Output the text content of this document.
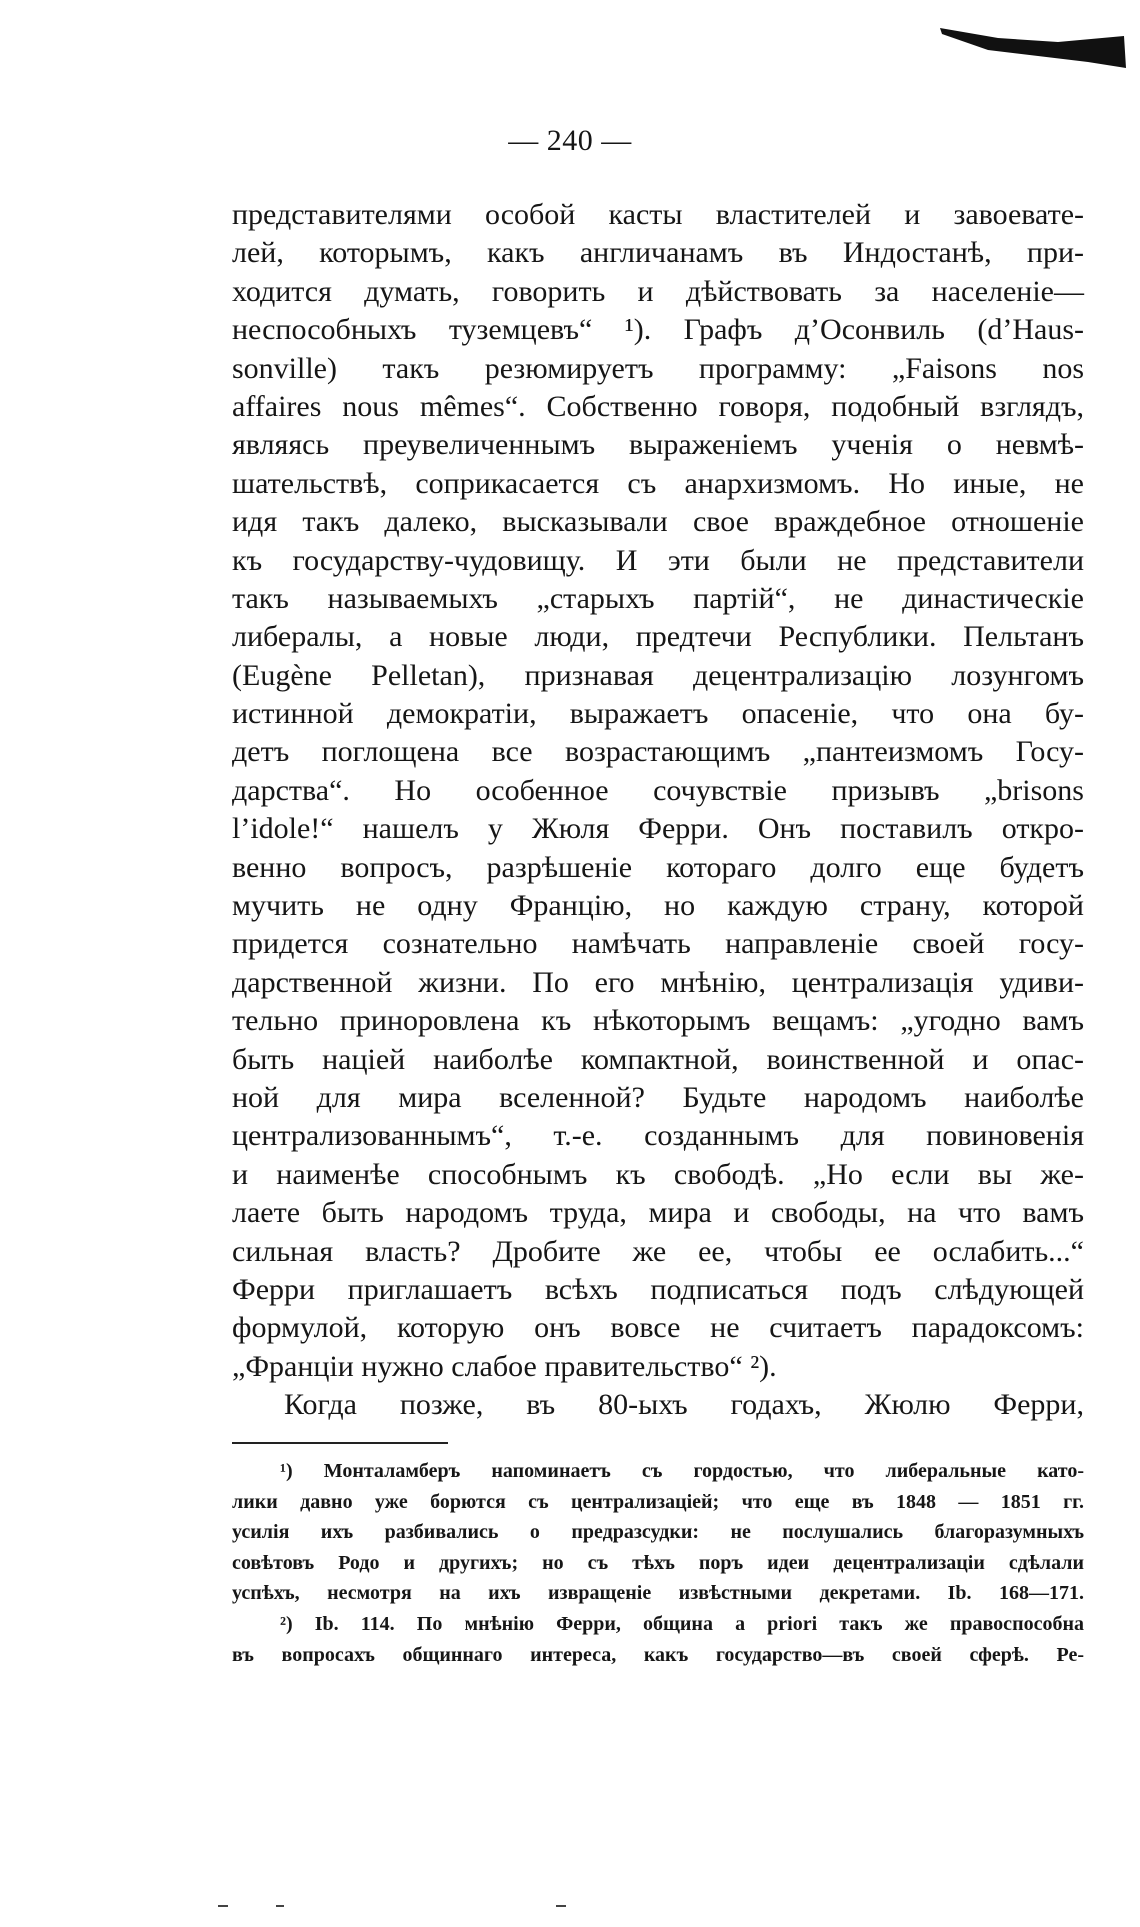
— 240 —
представителями особой касты властителей и завоевате-
лей, которымъ, какъ англичанамъ въ Индостанѣ, при-
ходится думать, говорить и дѣйствовать за населеніе—
неспособныхъ туземцевъ“ ¹). Графъ д’Осонвиль (d’Haus-
sonville) такъ резюмируетъ программу: „Faisons nos
affaires nous mêmes“. Собственно говоря, подобный взглядъ,
являясь преувеличеннымъ выраженіемъ ученія о невмѣ-
шательствѣ, соприкасается съ анархизмомъ. Но иные, не
идя такъ далеко, высказывали свое враждебное отношеніе
къ государству-чудовищу. И эти были не представители
такъ называемыхъ „старыхъ партій“, не династическіе
либералы, а новые люди, предтечи Республики. Пельтанъ
(Eugène Pelletan), признавая децентрализацію лозунгомъ
истинной демократіи, выражаетъ опасеніе, что она бу-
детъ поглощена все возрастающимъ „пантеизмомъ Госу-
дарства“. Но особенное сочувствіе призывъ „brisons
l’idole!“ нашелъ у Жюля Ферри. Онъ поставилъ откро-
венно вопросъ, разрѣшеніе котораго долго еще будетъ
мучить не одну Францію, но каждую страну, которой
придется сознательно намѣчать направленіе своей госу-
дарственной жизни. По его мнѣнію, централизація удиви-
тельно приноровлена къ нѣкоторымъ вещамъ: „угодно вамъ
быть націей наиболѣе компактной, воинственной и опас-
ной для мира вселенной? Будьте народомъ наиболѣе
централизованнымъ“, т.-е. созданнымъ для повиновенія
и наименѣе способнымъ къ свободѣ. „Но если вы же-
лаете быть народомъ труда, мира и свободы, на что вамъ
сильная власть? Дробите же ее, чтобы ее ослабить...“
Ферри приглашаетъ всѣхъ подписаться подъ слѣдующей
формулой, которую онъ вовсе не считаетъ парадоксомъ:
„Франціи нужно слабое правительство“ ²).
Когда позже, въ 80-ыхъ годахъ, Жюлю Ферри,
¹) Монталамберъ напоминаетъ съ гордостью, что либеральные като-
лики давно уже борются съ централизаціей; что еще въ 1848 — 1851 гг.
усилія ихъ разбивались о предразсудки: не послушались благоразумныхъ
совѣтовъ Родо и другихъ; но съ тѣхъ поръ идеи децентрализаціи сдѣлали
успѣхъ, несмотря на ихъ извращеніе извѣстными декретами. Ib. 168—171.
²) Ib. 114. По мнѣнію Ферри, община a priori такъ же правоспособна
въ вопросахъ общиннаго интереса, какъ государство—въ своей сферѣ. Ре-
